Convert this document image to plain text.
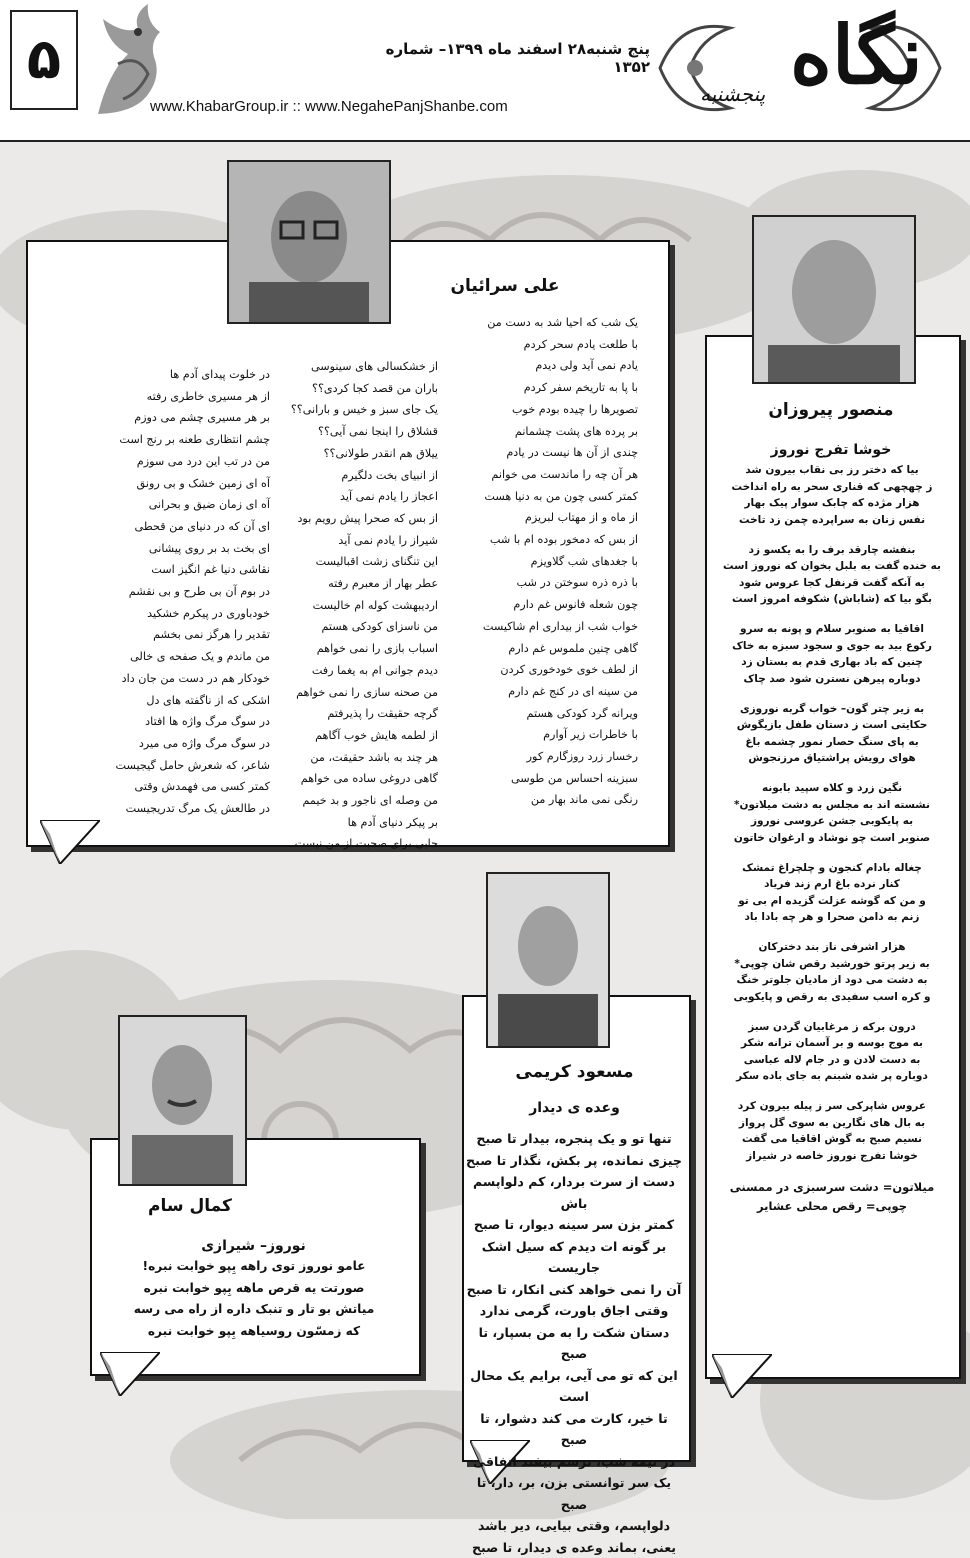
۵	پنج شنبه۲۸ اسفند ماه ۱۳۹۹– شماره ۱۳۵۲
www.KhabarGroup.ir :: www.NegahePanjShanbe.com
نگاه
پنجشنبه
علی سرائیان
یک شب که احیا شد به دست من
با طلعت یادم سحر کردم
یادم نمی آید ولی دیدم
با پا به تاریخم سفر کردم
تصویرها را چیده بودم خوب
بر پرده های پشت چشمانم
چندی از آن ها نیست در یادم
هر آن چه را ماندست می خوانم
کمتر کسی چون من به دنیا هست
از ماه و از مهتاب لبریزم
از بس که دمخور بوده ام با شب
با جغدهای شب گلاویزم
با ذره ذره سوختن در شب
چون شعله فانوس غم دارم
خواب شب از بیداری ام شاکیست
گاهی چنین ملموس غم دارم
از لطف خوی خودخوری کردن
من سینه ای در کنج غم دارم
ویرانه گرد کودکی هستم
با خاطرات زیر آوارم
رخسار زرد روزگارم کور
سبزینه احساس من طوسی
رنگی نمی ماند بهار من
از خشکسالی های سینوسی
باران من قصد کجا کردی؟؟
یک جای سبز و خیس و بارانی؟؟
قشلاق را اینجا نمی آیی؟؟
ییلاق هم انقدر طولانی؟؟
از انبیای بخت دلگیرم
اعجاز را یادم نمی آید
از بس که صحرا پیش رویم بود
شیراز را یادم نمی آید
این تنگنای زشت اقبالیست
عطر بهار از معبرم رفته
اردیبهشت کوله ام خالیست
من ناسزای کودکی هستم
اسباب بازی را نمی خواهم
دیدم جوانی ام به یغما رفت
من صحنه سازی را نمی خواهم
گرچه حقیقت را پذیرفتم
از لطمه هایش خوب آگاهم
هر چند به باشد حقیقت، من
گاهی دروغی ساده می خواهم
من وصله ای ناجور و بد خیمم
بر پیکر دنیای آدم ها
جایی برای صحبت از من نیست
در خلوت پیدای آدم ها
از هر مسیری خاطری رفته
بر هر مسیری چشم می دوزم
چشم انتظاری طعنه بر رنج است
من در تب این درد می سوزم
آه ای زمین خشک و بی رونق
آه ای زمان ضیق و بحرانی
ای آن که در دنیای من قحطی
ای بخت بد بر روی پیشانی
نقاشی دنیا غم انگیز است
در بوم آن بی طرح و بی نقشم
خودباوری در پیکرم خشکید
تقدیر را هرگز نمی بخشم
من ماندم و یک صفحه ی خالی
خودکار هم در دست من جان داد
اشکی که از ناگفته های دل
در سوگ مرگ واژه ها افتاد
در سوگ مرگ واژه می میرد
شاعر، که شعرش حامل گیجیست
کمتر کسی می فهمدش وقتی
در طالعش یک مرگ تدریجیست
منصور پیروزان
خوشا تفرج نوروز
بیا که دختر رز بی نقاب بیرون شد
ز چهچهی که قناری سحر به راه انداخت
هزار مژده که چابک سوار پیک بهار
نفس زنان به سراپرده چمن زد تاخت
بنفشه چارقد برف را به یکسو زد
به خنده گفت به بلبل بخوان که نوروز است
به آنکه گفت قرنفل کجا عروس شود
بگو بیا که (شاباش) شکوفه امروز است
اقاقیا به صنوبر سلام و پونه به سرو
رکوع بید به جوی و سجود سبزه به خاک
چنین که باد بهاری قدم به بستان زد
دوباره پیرهن نسترن شود صد چاک
به زیر چتر گون– خواب گربه نوروزی
حکایتی است ز دستان طفل بازیگوش
به پای سنگ حصار نمور چشمه باغ
هوای رویش پراشتیاق مرزنجوش
نگین زرد و کلاه سپید بابونه
نشسته اند به مجلس به دشت میلاتون*
به پایکوبی جشن عروسی نوروز
صنوبر است چو نوشاد و ارغوان خاتون
چغاله بادام کنجون و چلچراغ تمشک
کنار نرده باغ ارم زند فریاد
و من که گوشه عزلت گزیده ام بی تو
زنم به دامن صحرا و هر چه بادا باد
هزار اشرفی ناز بند دختر‌کان
به زیر پرتو خورشید رقص شان چوپی*
به دشت می دود از مادیان جلوتر خنگ
و کره اسب سفیدی به رقص و پایکوبی
درون برکه ز مرغابیان گردن سبز
به موج بوسه و بر آسمان ترانه شکر
به دست لادن و در جام لاله عباسی
دوباره پر شده شبنم به جای باده سکر
عروس شاپرکی سر ز پیله بیرون کرد
به بال های نگارین به سوی گل پرواز
نسیم صبح به گوش اقاقیا می گفت
خوشا تفرج نوروز خاصه در شیراز
میلاتون= دشت سرسبزی در ممسنی
چوپی= رقص محلی عشایر
مسعود کریمی
وعده ی دیدار
تنها تو و یک پنجره، بیدار تا صبح
چیزی نمانده، پر بکش، نگذار تا صبح
دست از سرت بردار، کم دلواپسم باش
کمتر بزن سر سینه دیوار، تا صبح
بر گونه ات دیدم که سیل اشک جاریست
آن را نمی خواهد کنی انکار، تا صبح
وقتی اجاق باورت، گرمی ندارد
دستان شکت را به من بسپار، تا صبح
این که تو می آیی، برایم یک محال است
تا خیر، کارت می کند دشوار، تا صبح
در نیمه شب، ترسم بیفتد اتفاقی
یک سر توانستی بزن، بر، دار، تا صبح
دلواپسم، وقتی بیایی، دیر باشد
یعنی، بماند وعده ی دیدار، تا صبح
کمال سام
نوروز– شیرازی
عامو نوروز توی راهه بِپو خوابت نبره!
صورتت یه قرص ماهه بِپو خوابت نبره
میاتش بو تار و تنبک داره از راه می رسه
که زمسّون روسیاهه بِپو خوابت نبره
